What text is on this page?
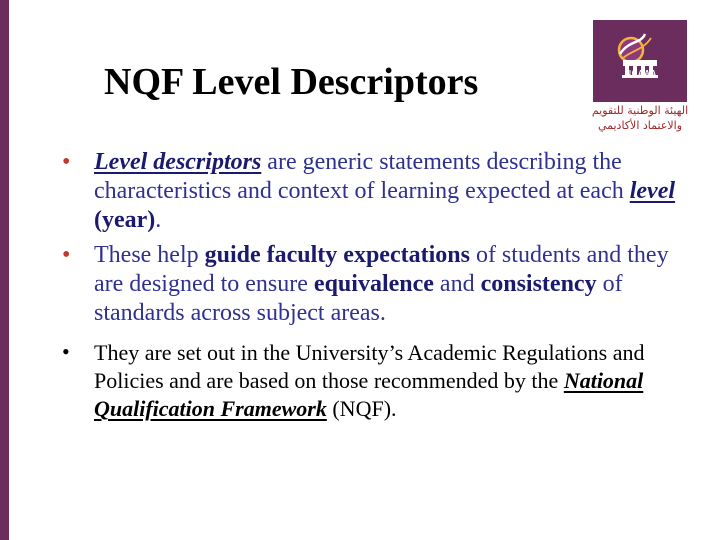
NCAAA
الهيئة الوطنية للتقويم
والاعتماد الأكاديمي
NQF Level Descriptors
• Level descriptors are generic statements describing the characteristics and context of learning expected at each level (year).
• These help guide faculty expectations of students and they are designed to ensure equivalence and consistency of standards across subject areas.
• They are set out in the University’s Academic Regulations and Policies and are based on those recommended by the National Qualification Framework (NQF).
